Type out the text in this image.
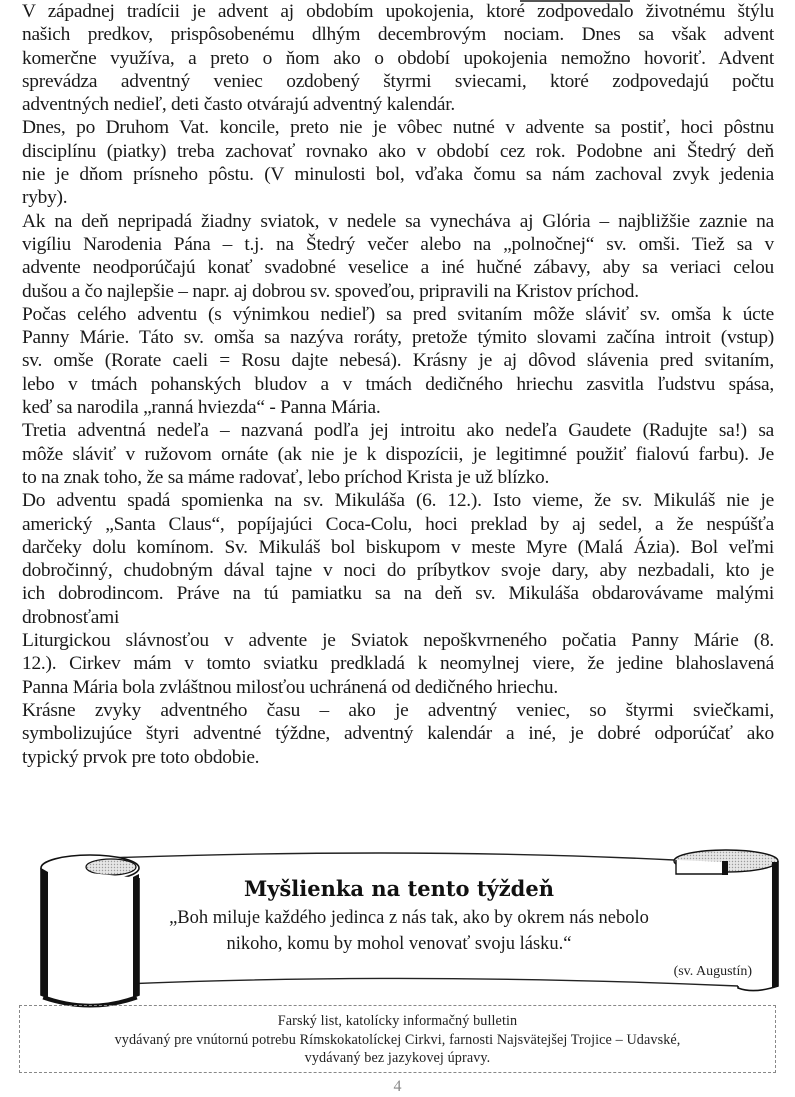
V západnej tradícii je advent aj obdobím upokojenia, ktoré zodpovedalo životnému štýlu
našich predkov, prispôsobenému dlhým decembrovým nociam. Dnes sa však advent
komerčne využíva, a preto o ňom ako o období upokojenia nemožno hovoriť. Advent
sprevádza adventný veniec ozdobený štyrmi sviecami, ktoré zodpovedajú počtu
adventných nedieľ, deti často otvárajú adventný kalendár.

Dnes, po Druhom Vat. koncile, preto nie je vôbec nutné v advente sa postiť, hoci pôstnu
disciplínu (piatky) treba zachovať rovnako ako v období cez rok. Podobne ani Štedrý deň
nie je dňom prísneho pôstu. (V minulosti bol, vďaka čomu sa nám zachoval zvyk jedenia
ryby).

Ak na deň nepripadá žiadny sviatok, v nedele sa vynecháva aj Glória – najbližšie zaznie na
vigíliu Narodenia Pána – t.j. na Štedrý večer alebo na „polnočnej“ sv. omši. Tiež sa v
advente neodporúčajú konať svadobné veselice a iné hučné zábavy, aby sa veriaci celou
dušou a čo najlepšie – napr. aj dobrou sv. spoveďou, pripravili na Kristov príchod.

Počas celého adventu (s výnimkou nedieľ) sa pred svitaním môže sláviť sv. omša k úcte
Panny Márie. Táto sv. omša sa nazýva roráty, pretože týmito slovami začína introit (vstup)
sv. omše (Rorate caeli = Rosu dajte nebesá). Krásny je aj dôvod slávenia pred svitaním,
lebo v tmách pohanských bludov a v tmách dedičného hriechu zasvitla ľudstvu spása,
keď sa narodila „ranná hviezda“ - Panna Mária.

Tretia adventná nedeľa – nazvaná podľa jej introitu ako nedeľa Gaudete (Radujte sa!) sa
môže sláviť v ružovom ornáte (ak nie je k dispozícii, je legitimné použiť fialovú farbu). Je
to na znak toho, že sa máme radovať, lebo príchod Krista je už blízko.

Do adventu spadá spomienka na sv. Mikuláša (6. 12.). Isto vieme, že sv. Mikuláš nie je
americký „Santa Claus“, popíjajúci Coca-Colu, hoci preklad by aj sedel, a že nespúšťa
darčeky dolu komínom. Sv. Mikuláš bol biskupom v meste Myre (Malá Ázia). Bol veľmi
dobročinný, chudobným dával tajne v noci do príbytkov svoje dary, aby nezbadali, kto je
ich dobrodincom. Práve na tú pamiatku sa na deň sv. Mikuláša obdarovávame malými
drobnosťami

Liturgickou slávnosťou v advente je Sviatok nepoškvrneného počatia Panny Márie (8.
12.). Cirkev mám v tomto sviatku predkladá k neomylnej viere, že jedine blahoslavená
Panna Mária bola zvláštnou milosťou uchránená od dedičného hriechu.

Krásne zvyky adventného času – ako je adventný veniec, so štyrmi sviečkami,
symbolizujúce štyri adventné týždne, adventný kalendár a iné, je dobré odporúčať ako
typický prvok pre toto obdobie.

Myšlienka na tento týždeň
„Boh miluje každého jedinca z nás tak, ako by okrem nás nebolo
nikoho, komu by mohol venovať svoju lásku.“
(sv. Augustín)
Farský list, katolícky informačný bulletin
vydávaný pre vnútornú potrebu Rímskokatolíckej Cirkvi, farnosti Najsvätejšej Trojice – Udavské,
vydávaný bez jazykovej úpravy.
4
